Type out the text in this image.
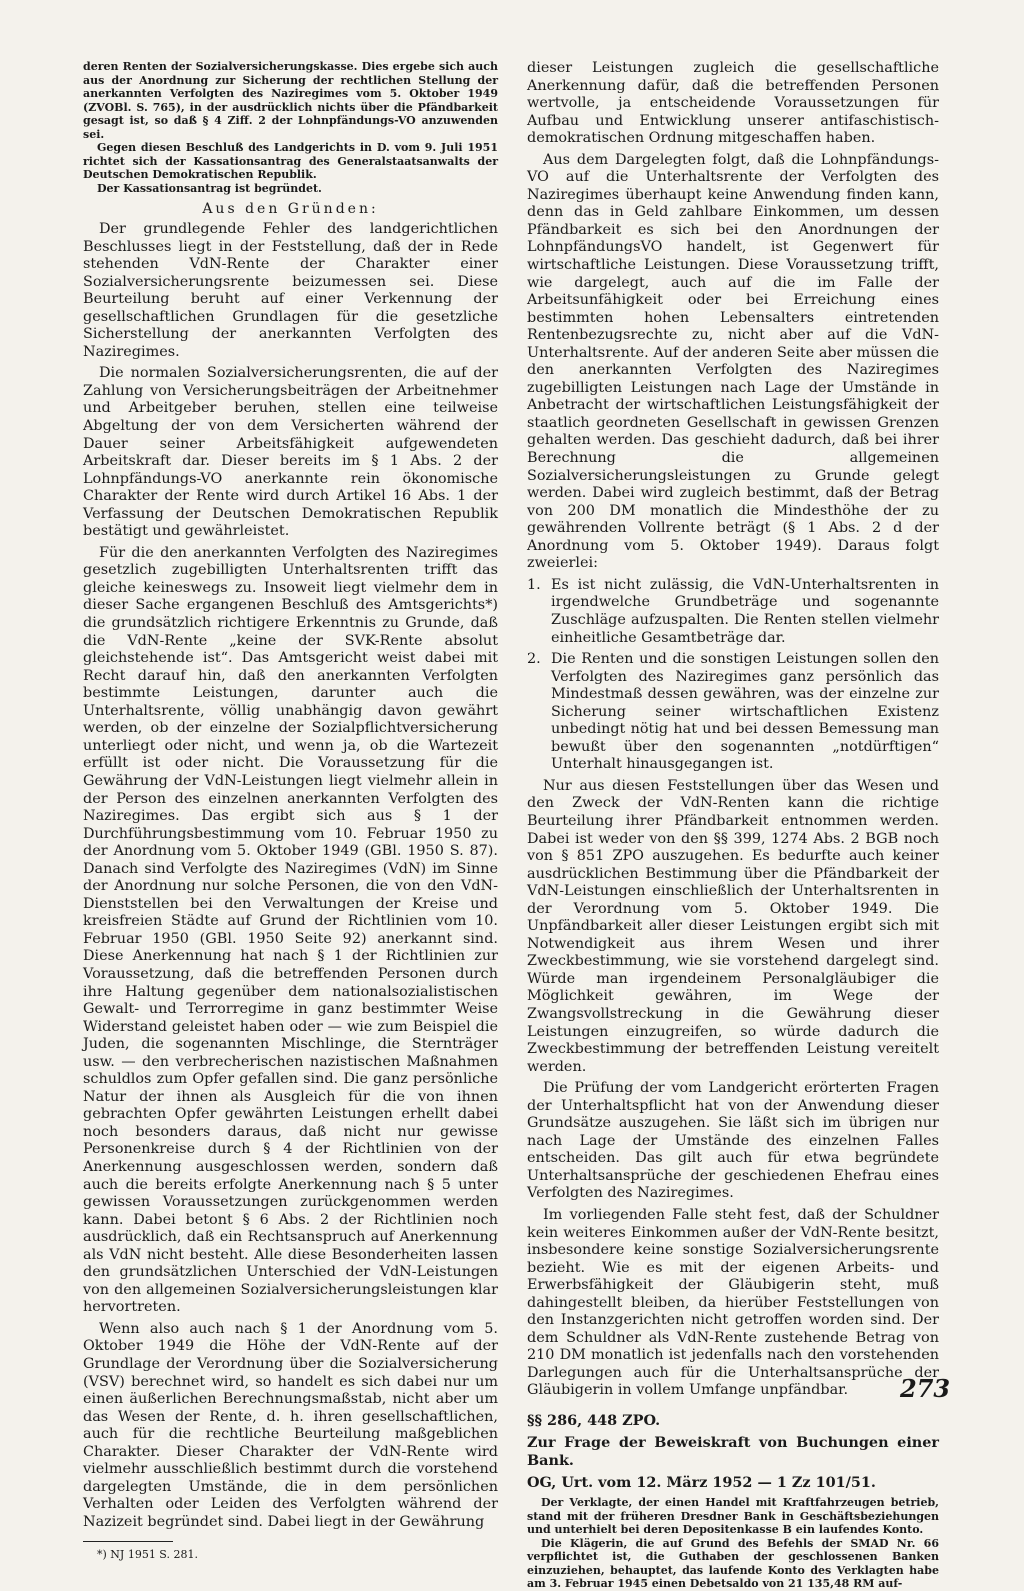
deren Renten der Sozialversicherungskasse. Dies ergebe sich auch aus der Anordnung zur Sicherung der rechtlichen Stellung der anerkannten Verfolgten des Naziregimes vom 5. Oktober 1949 (ZVOBl. S. 765), in der ausdrücklich nichts über die Pfändbarkeit gesagt ist, so daß § 4 Ziff. 2 der Lohnpfändungs-VO anzuwenden sei.

Gegen diesen Beschluß des Landgerichts in D. vom 9. Juli 1951 richtet sich der Kassationsantrag des Generalstaatsanwalts der Deutschen Demokratischen Republik.

Der Kassationsantrag ist begründet.

Aus den Gründen:

Der grundlegende Fehler des landgerichtlichen Beschlusses liegt in der Feststellung, daß der in Rede stehenden VdN-Rente der Charakter einer Sozialversicherungsrente beizumessen sei. Diese Beurteilung beruht auf einer Verkennung der gesellschaftlichen Grundlagen für die gesetzliche Sicherstellung der anerkannten Verfolgten des Naziregimes.

Die normalen Sozialversicherungsrenten, die auf der Zahlung von Versicherungsbeiträgen der Arbeitnehmer und Arbeitgeber beruhen, stellen eine teilweise Abgeltung der von dem Versicherten während der Dauer seiner Arbeitsfähigkeit aufgewendeten Arbeitskraft dar. Dieser bereits im § 1 Abs. 2 der Lohnpfändungs-VO anerkannte rein ökonomische Charakter der Rente wird durch Artikel 16 Abs. 1 der Verfassung der Deutschen Demokratischen Republik bestätigt und gewährleistet.

Für die den anerkannten Verfolgten des Naziregimes gesetzlich zugebilligten Unterhaltsrenten trifft das gleiche keineswegs zu. Insoweit liegt vielmehr dem in dieser Sache ergangenen Beschluß des Amtsgerichts*) die grundsätzlich richtigere Erkenntnis zu Grunde, daß die VdN-Rente „keine der SVK-Rente absolut gleichstehende ist“. Das Amtsgericht weist dabei mit Recht darauf hin, daß den anerkannten Verfolgten bestimmte Leistungen, darunter auch die Unterhaltsrente, völlig unabhängig davon gewährt werden, ob der einzelne der Sozialpflichtversicherung unterliegt oder nicht, und wenn ja, ob die Wartezeit erfüllt ist oder nicht. Die Voraussetzung für die Gewährung der VdN-Leistungen liegt vielmehr allein in der Person des einzelnen anerkannten Verfolgten des Naziregimes. Das ergibt sich aus § 1 der Durchführungsbestimmung vom 10. Februar 1950 zu der Anordnung vom 5. Oktober 1949 (GBl. 1950 S. 87). Danach sind Verfolgte des Naziregimes (VdN) im Sinne der Anordnung nur solche Personen, die von den VdN-Dienststellen bei den Verwaltungen der Kreise und kreisfreien Städte auf Grund der Richtlinien vom 10. Februar 1950 (GBl. 1950 Seite 92) anerkannt sind. Diese Anerkennung hat nach § 1 der Richtlinien zur Voraussetzung, daß die betreffenden Personen durch ihre Haltung gegenüber dem nationalsozialistischen Gewalt- und Terrorregime in ganz bestimmter Weise Widerstand geleistet haben oder — wie zum Beispiel die Juden, die sogenannten Mischlinge, die Sternträger usw. — den verbrecherischen nazistischen Maßnahmen schuldlos zum Opfer gefallen sind. Die ganz persönliche Natur der ihnen als Ausgleich für die von ihnen gebrachten Opfer gewährten Leistungen erhellt dabei noch besonders daraus, daß nicht nur gewisse Personenkreise durch § 4 der Richtlinien von der Anerkennung ausgeschlossen werden, sondern daß auch die bereits erfolgte Anerkennung nach § 5 unter gewissen Voraussetzungen zurückgenommen werden kann. Dabei betont § 6 Abs. 2 der Richtlinien noch ausdrücklich, daß ein Rechtsanspruch auf Anerkennung als VdN nicht besteht. Alle diese Besonderheiten lassen den grundsätzlichen Unterschied der VdN-Leistungen von den allgemeinen Sozialversicherungsleistungen klar hervortreten.

Wenn also auch nach § 1 der Anordnung vom 5. Oktober 1949 die Höhe der VdN-Rente auf der Grundlage der Verordnung über die Sozialversicherung (VSV) berechnet wird, so handelt es sich dabei nur um einen äußerlichen Berechnungsmaßstab, nicht aber um das Wesen der Rente, d. h. ihren gesellschaftlichen, auch für die rechtliche Beurteilung maßgeblichen Charakter. Dieser Charakter der VdN-Rente wird vielmehr ausschließlich bestimmt durch die vorstehend dargelegten Umstände, die in dem persönlichen Verhalten oder Leiden des Verfolgten während der Nazizeit begründet sind. Dabei liegt in der Gewährung

*) NJ 1951 S. 281.

dieser Leistungen zugleich die gesellschaftliche Anerkennung dafür, daß die betreffenden Personen wertvolle, ja entscheidende Voraussetzungen für Aufbau und Entwicklung unserer antifaschistisch-demokratischen Ordnung mitgeschaffen haben.

Aus dem Dargelegten folgt, daß die Lohnpfändungs-VO auf die Unterhaltsrente der Verfolgten des Naziregimes überhaupt keine Anwendung finden kann, denn das in Geld zahlbare Einkommen, um dessen Pfändbarkeit es sich bei den Anordnungen der LohnpfändungsVO handelt, ist Gegenwert für wirtschaftliche Leistungen. Diese Voraussetzung trifft, wie dargelegt, auch auf die im Falle der Arbeitsunfähigkeit oder bei Erreichung eines bestimmten hohen Lebensalters eintretenden Rentenbezugsrechte zu, nicht aber auf die VdN-Unterhaltsrente. Auf der anderen Seite aber müssen die den anerkannten Verfolgten des Naziregimes zugebilligten Leistungen nach Lage der Umstände in Anbetracht der wirtschaftlichen Leistungsfähigkeit der staatlich geordneten Gesellschaft in gewissen Grenzen gehalten werden. Das geschieht dadurch, daß bei ihrer Berechnung die allgemeinen Sozialversicherungsleistungen zu Grunde gelegt werden. Dabei wird zugleich bestimmt, daß der Betrag von 200 DM monatlich die Mindesthöhe der zu gewährenden Vollrente beträgt (§ 1 Abs. 2 d der Anordnung vom 5. Oktober 1949). Daraus folgt zweierlei:

1. Es ist nicht zulässig, die VdN-Unterhaltsrenten in irgendwelche Grundbeträge und sogenannte Zuschläge aufzuspalten. Die Renten stellen vielmehr einheitliche Gesamtbeträge dar.
2. Die Renten und die sonstigen Leistungen sollen den Verfolgten des Naziregimes ganz persönlich das Mindestmaß dessen gewähren, was der einzelne zur Sicherung seiner wirtschaftlichen Existenz unbedingt nötig hat und bei dessen Bemessung man bewußt über den sogenannten „notdürftigen“ Unterhalt hinausgegangen ist.

Nur aus diesen Feststellungen über das Wesen und den Zweck der VdN-Renten kann die richtige Beurteilung ihrer Pfändbarkeit entnommen werden. Dabei ist weder von den §§ 399, 1274 Abs. 2 BGB noch von § 851 ZPO auszugehen. Es bedurfte auch keiner ausdrücklichen Bestimmung über die Pfändbarkeit der VdN-Leistungen einschließlich der Unterhaltsrenten in der Verordnung vom 5. Oktober 1949. Die Unpfändbarkeit aller dieser Leistungen ergibt sich mit Notwendigkeit aus ihrem Wesen und ihrer Zweckbestimmung, wie sie vorstehend dargelegt sind. Würde man irgendeinem Personalgläubiger die Möglichkeit gewähren, im Wege der Zwangsvollstreckung in die Gewährung dieser Leistungen einzugreifen, so würde dadurch die Zweckbestimmung der betreffenden Leistung vereitelt werden.

Die Prüfung der vom Landgericht erörterten Fragen der Unterhaltspflicht hat von der Anwendung dieser Grundsätze auszugehen. Sie läßt sich im übrigen nur nach Lage der Umstände des einzelnen Falles entscheiden. Das gilt auch für etwa begründete Unterhaltsansprüche der geschiedenen Ehefrau eines Verfolgten des Naziregimes.

Im vorliegenden Falle steht fest, daß der Schuldner kein weiteres Einkommen außer der VdN-Rente besitzt, insbesondere keine sonstige Sozialversicherungsrente bezieht. Wie es mit der eigenen Arbeits- und Erwerbsfähigkeit der Gläubigerin steht, muß dahingestellt bleiben, da hierüber Feststellungen von den Instanzgerichten nicht getroffen worden sind. Der dem Schuldner als VdN-Rente zustehende Betrag von 210 DM monatlich ist jedenfalls nach den vorstehenden Darlegungen auch für die Unterhaltsansprüche der Gläubigerin in vollem Umfange unpfändbar.

§§ 286, 448 ZPO.

Zur Frage der Beweiskraft von Buchungen einer Bank.

OG, Urt. vom 12. März 1952 — 1 Zz 101/51.

Der Verklagte, der einen Handel mit Kraftfahrzeugen betrieb, stand mit der früheren Dresdner Bank in Geschäftsbeziehungen und unterhielt bei deren Depositenkasse B ein laufendes Konto.

Die Klägerin, die auf Grund des Befehls der SMAD Nr. 66 verpflichtet ist, die Guthaben der geschlossenen Banken einzuziehen, behauptet, das laufende Konto des Verklagten habe am 3. Februar 1945 einen Debetsaldo von 21 135,48 RM auf-

273
